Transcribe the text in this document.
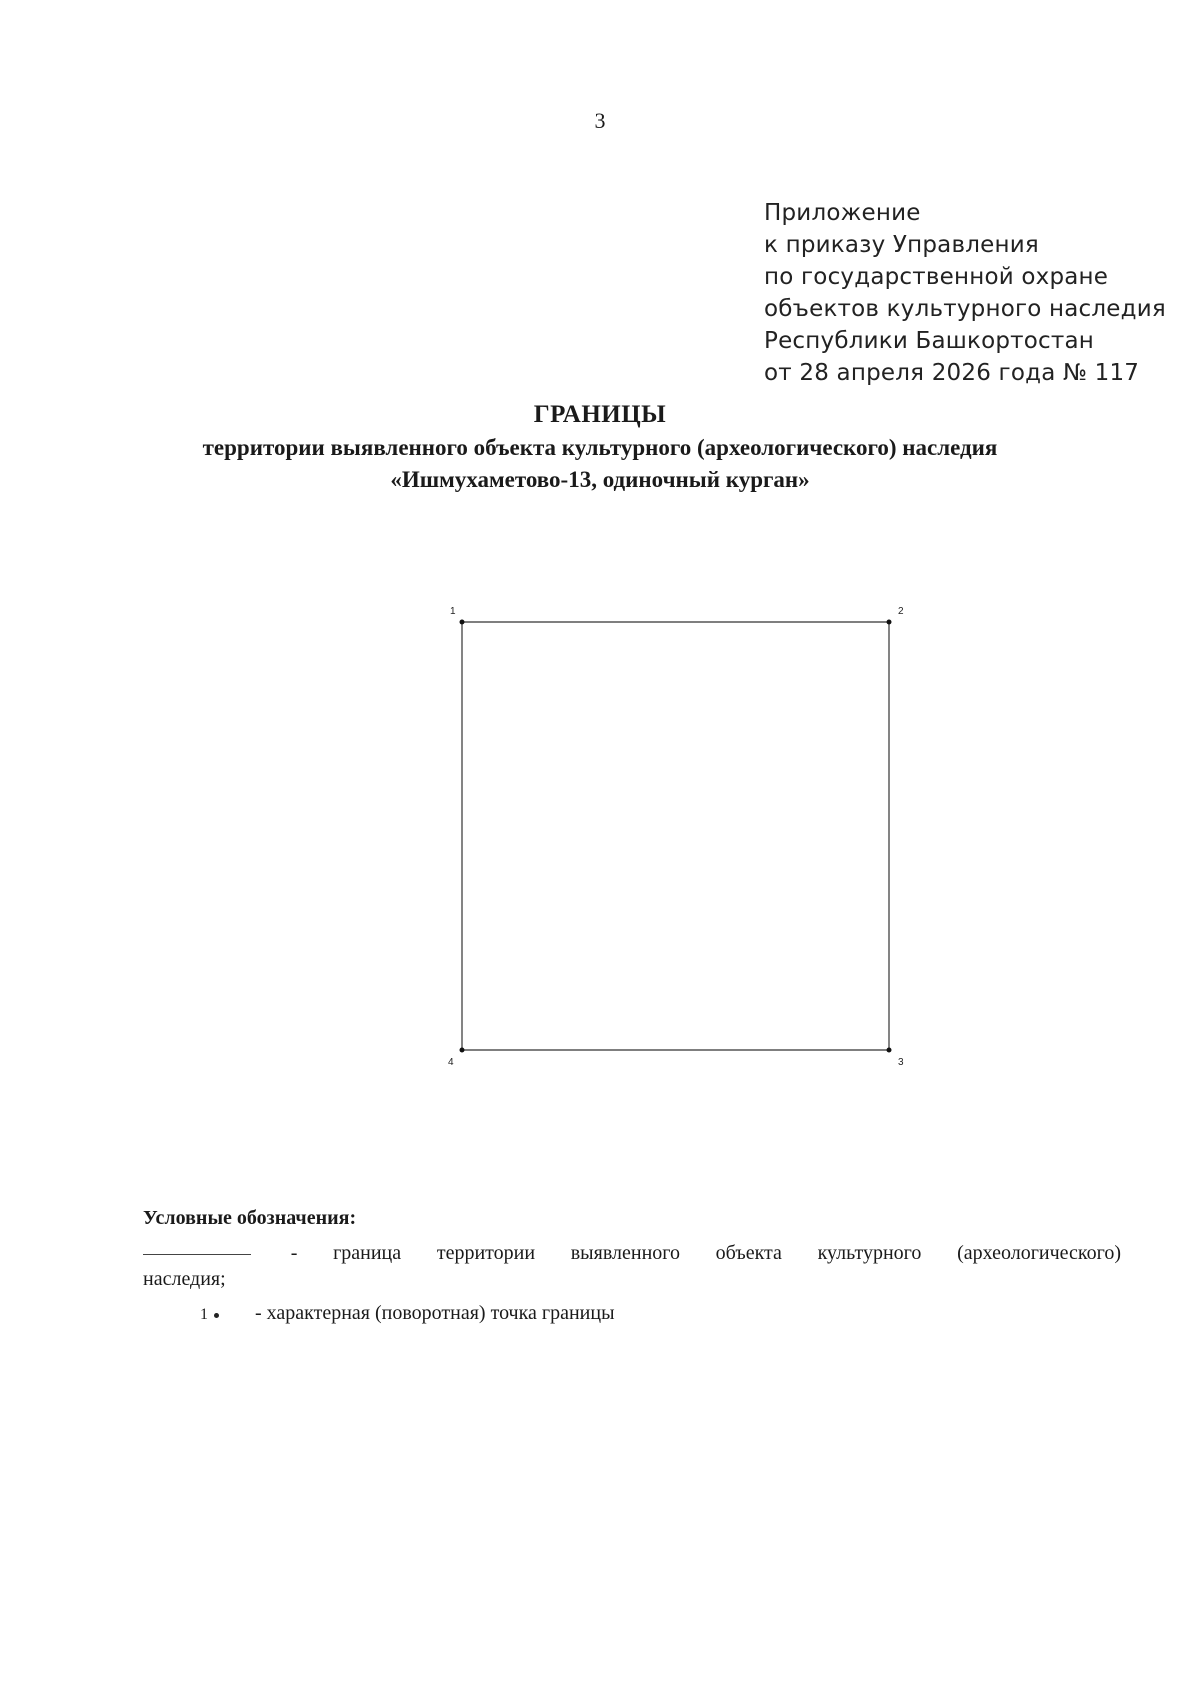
3
Приложение
к приказу Управления
по государственной охране
объектов культурного наследия
Республики Башкортостан
от 28 апреля 2026 года № 117
ГРАНИЦЫ
территории выявленного объекта культурного (археологического) наследия
«Ишмухаметово-13, одиночный курган»
1	2
3
4
Условные обозначения:
- граница территории выявленного объекта культурного (археологического)
наследия;
1 - характерная (поворотная) точка границы
